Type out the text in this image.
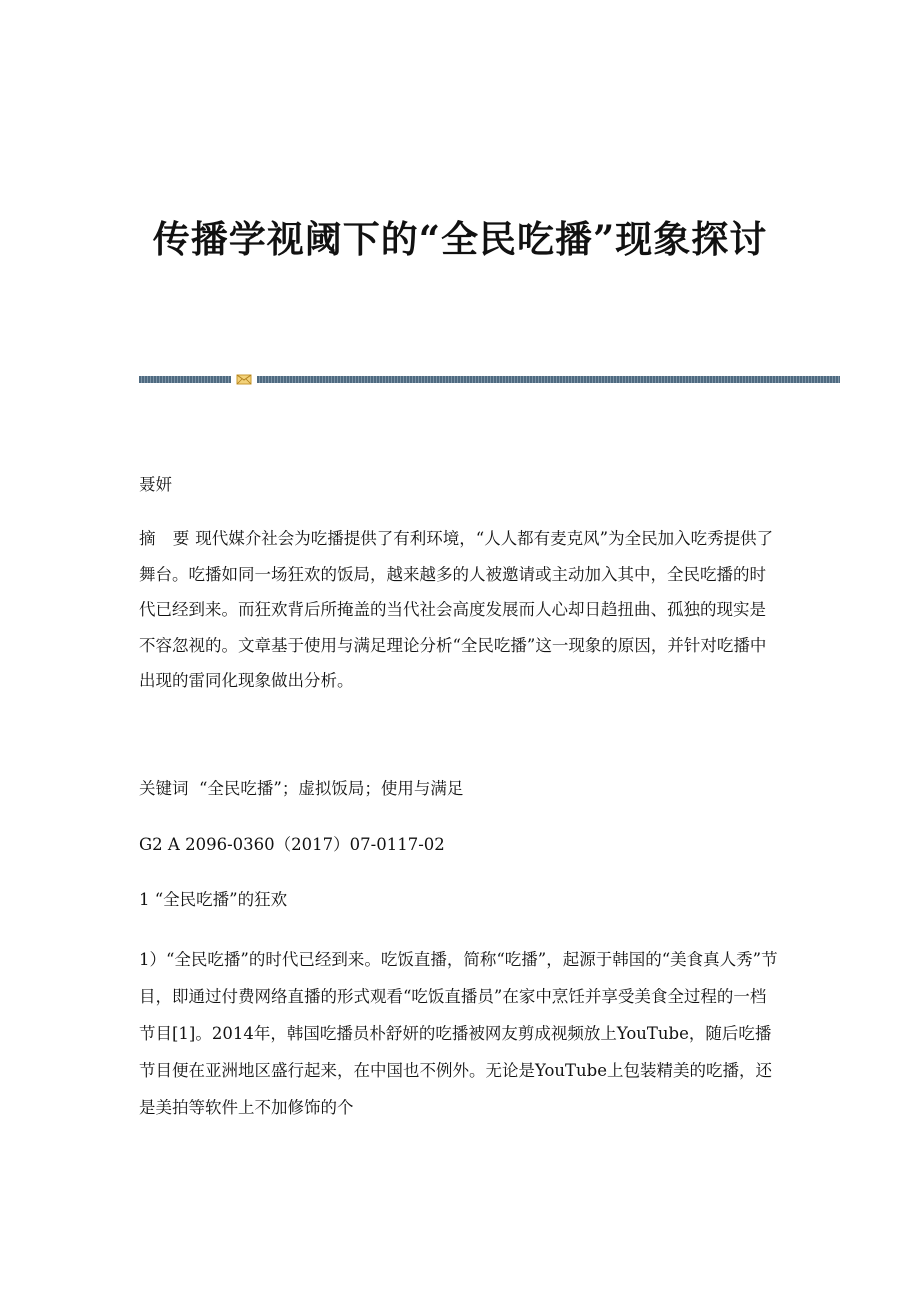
传播学视阈下的“全民吃播”现象探讨

聂妍

摘 要现代媒介社会为吃播提供了有利环境，“人人都有麦克风”为全民加入吃秀提供了舞台。吃播如同一场狂欢的饭局，越来越多的人被邀请或主动加入其中，全民吃播的时代已经到来。而狂欢背后所掩盖的当代社会高度发展而人心却日趋扭曲、孤独的现实是不容忽视的。文章基于使用与满足理论分析“全民吃播”这一现象的原因，并针对吃播中出现的雷同化现象做出分析。

关键词 “全民吃播”；虚拟饭局；使用与满足

G2 A 2096-0360（2017）07-0117-02

1 “全民吃播”的狂欢

1）“全民吃播”的时代已经到来。吃饭直播，简称“吃播”，起源于韩国的“美食真人秀”节目，即通过付费网络直播的形式观看“吃饭直播员”在家中烹饪并享受美食全过程的一档节目[1]。2014年，韩国吃播员朴舒妍的吃播被网友剪成视频放上YouTube，随后吃播节目便在亚洲地区盛行起来，在中国也不例外。无论是YouTube上包装精美的吃播，还是美拍等软件上不加修饰的个
